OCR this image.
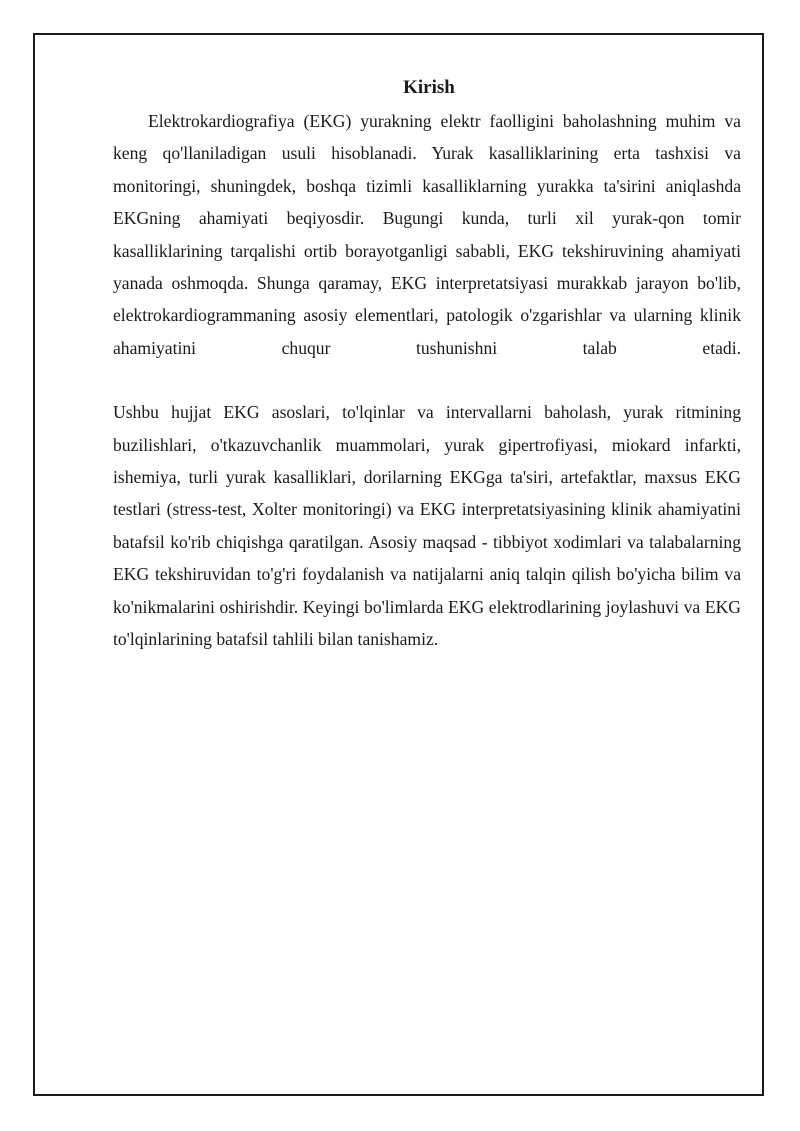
Kirish

Elektrokardiografiya (EKG) yurakning elektr faolligini baholashning muhim va keng qo'llaniladigan usuli hisoblanadi. Yurak kasalliklarining erta tashxisi va monitoringi, shuningdek, boshqa tizimli kasalliklarning yurakka ta'sirini aniqlashda EKGning ahamiyati beqiyosdir. Bugungi kunda, turli xil yurak-qon tomir kasalliklarining tarqalishi ortib borayotganligi sababli, EKG tekshiruvining ahamiyati yanada oshmoqda. Shunga qaramay, EKG interpretatsiyasi murakkab jarayon bo'lib, elektrokardiogrammaning asosiy elementlari, patologik o'zgarishlar va ularning klinik ahamiyatini chuqur tushunishni talab etadi.

Ushbu hujjat EKG asoslari, to'lqinlar va intervallarni baholash, yurak ritmining buzilishlari, o'tkazuvchanlik muammolari, yurak gipertrofiyasi, miokard infarkti, ishemiya, turli yurak kasalliklari, dorilarning EKGga ta'siri, artefaktlar, maxsus EKG testlari (stress-test, Xolter monitoringi) va EKG interpretatsiyasining klinik ahamiyatini batafsil ko'rib chiqishga qaratilgan. Asosiy maqsad - tibbiyot xodimlari va talabalarning EKG tekshiruvidan to'g'ri foydalanish va natijalarni aniq talqin qilish bo'yicha bilim va ko'nikmalarini oshirishdir. Keyingi bo'limlarda EKG elektrodlarining joylashuvi va EKG to'lqinlarining batafsil tahlili bilan tanishamiz.
